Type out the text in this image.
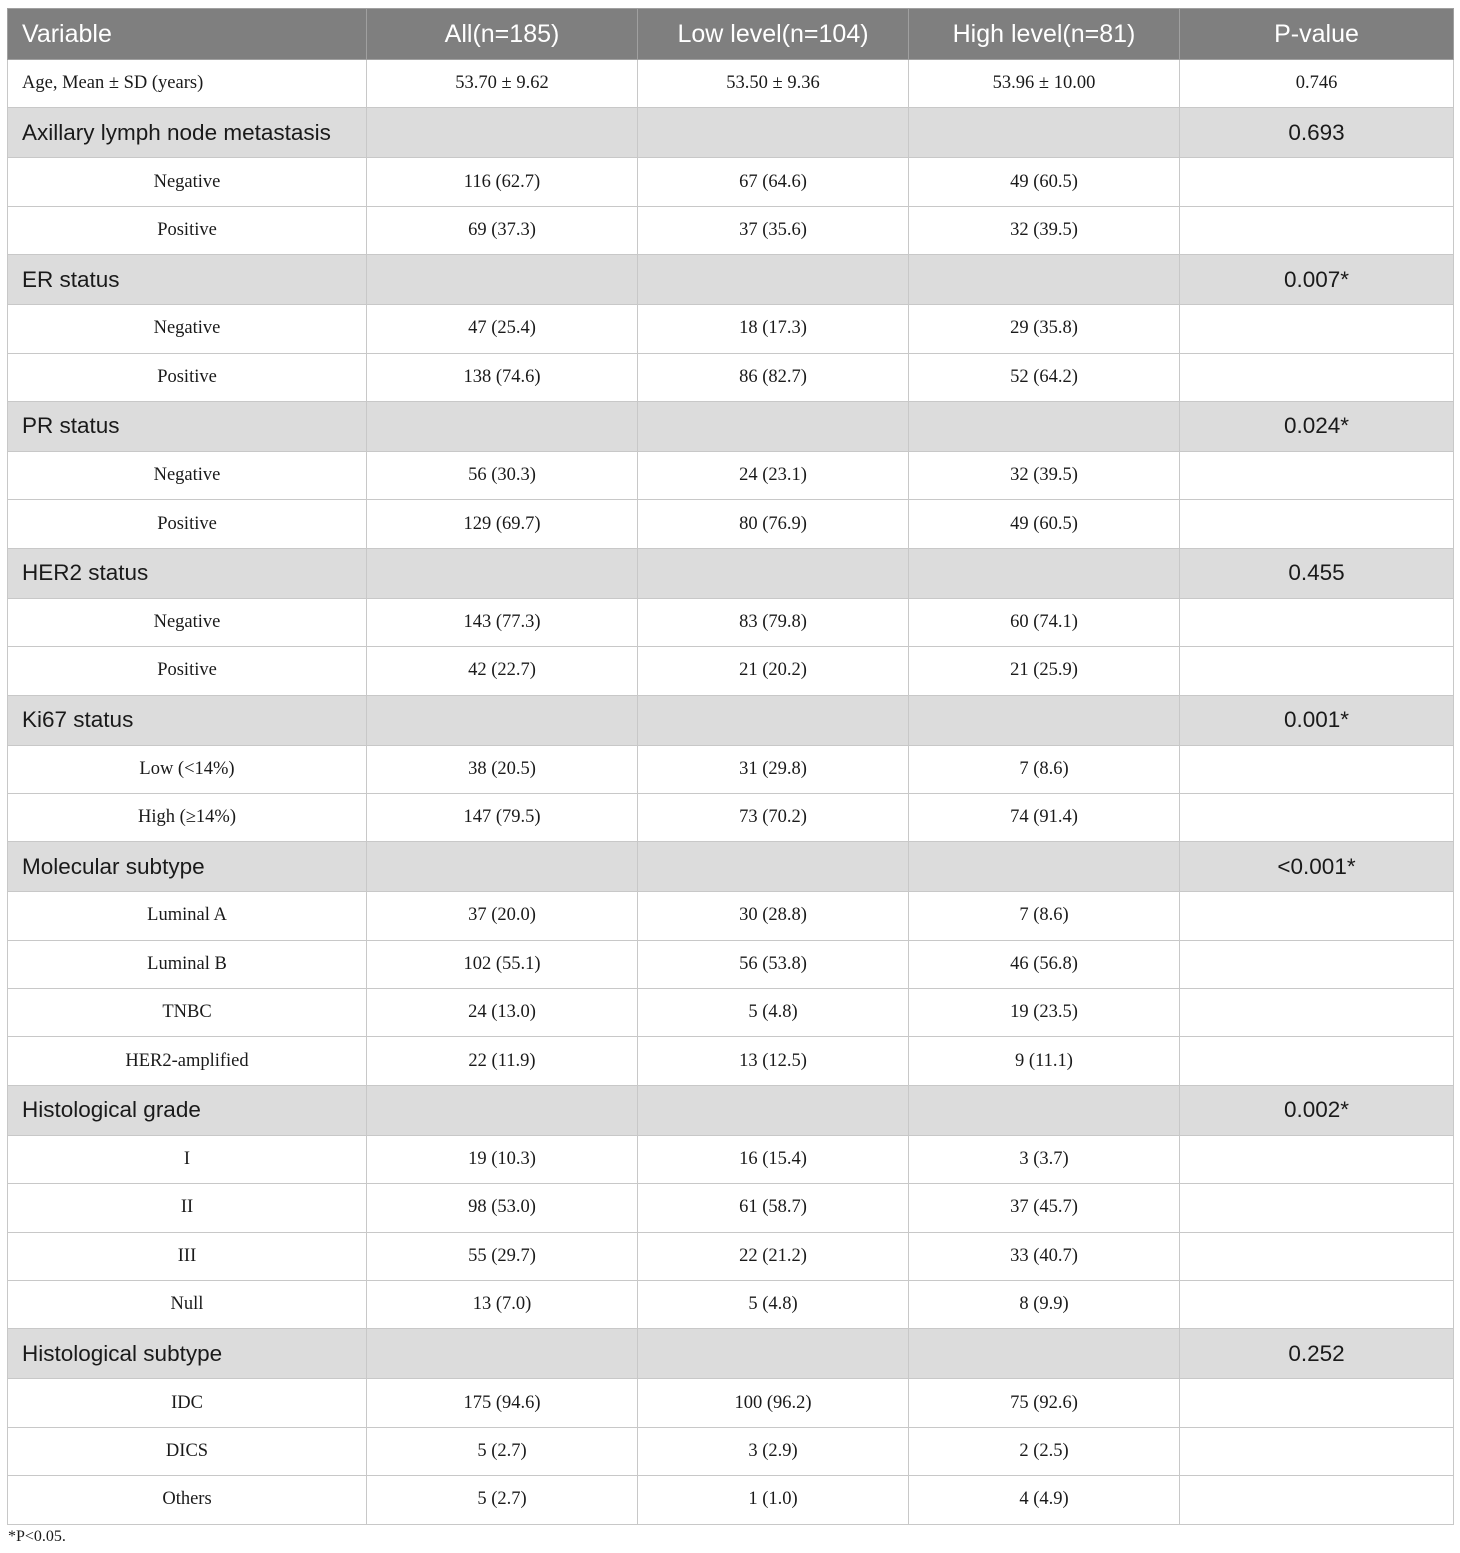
Variable	All(n=185)	Low level(n=104)	High level(n=81)	P-value
Age, Mean ± SD (years)	53.70 ± 9.62	53.50 ± 9.36	53.96 ± 10.00	0.746
Axillary lymph node metastasis				0.693
Negative	116 (62.7)	67 (64.6)	49 (60.5)	
Positive	69 (37.3)	37 (35.6)	32 (39.5)	
ER status				0.007*
Negative	47 (25.4)	18 (17.3)	29 (35.8)	
Positive	138 (74.6)	86 (82.7)	52 (64.2)	
PR status				0.024*
Negative	56 (30.3)	24 (23.1)	32 (39.5)	
Positive	129 (69.7)	80 (76.9)	49 (60.5)	
HER2 status				0.455
Negative	143 (77.3)	83 (79.8)	60 (74.1)	
Positive	42 (22.7)	21 (20.2)	21 (25.9)	
Ki67 status				0.001*
Low (<14%)	38 (20.5)	31 (29.8)	7 (8.6)	
High (≥14%)	147 (79.5)	73 (70.2)	74 (91.4)	
Molecular subtype				<0.001*
Luminal A	37 (20.0)	30 (28.8)	7 (8.6)	
Luminal B	102 (55.1)	56 (53.8)	46 (56.8)	
TNBC	24 (13.0)	5 (4.8)	19 (23.5)	
HER2-amplified	22 (11.9)	13 (12.5)	9 (11.1)	
Histological grade				0.002*
I	19 (10.3)	16 (15.4)	3 (3.7)	
II	98 (53.0)	61 (58.7)	37 (45.7)	
III	55 (29.7)	22 (21.2)	33 (40.7)	
Null	13 (7.0)	5 (4.8)	8 (9.9)	
Histological subtype				0.252
IDC	175 (94.6)	100 (96.2)	75 (92.6)	
DICS	5 (2.7)	3 (2.9)	2 (2.5)	
Others	5 (2.7)	1 (1.0)	4 (4.9)	
*P<0.05.
